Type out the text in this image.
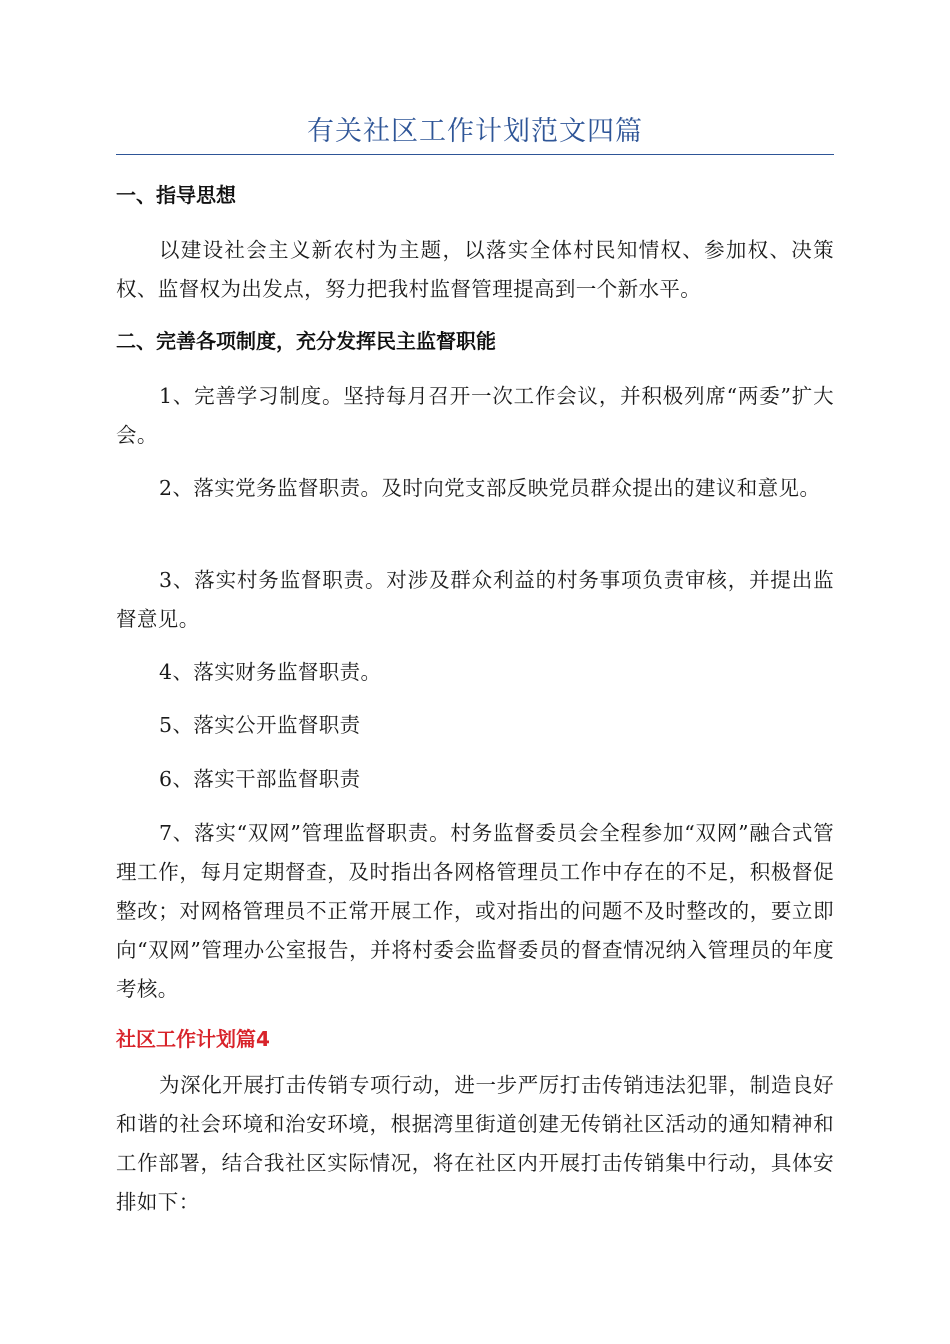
有关社区工作计划范文四篇
一、指导思想
以建设社会主义新农村为主题，以落实全体村民知情权、参加权、决策权、监督权为出发点，努力把我村监督管理提高到一个新水平。
二、完善各项制度，充分发挥民主监督职能
1、完善学习制度。坚持每月召开一次工作会议，并积极列席“两委”扩大会。
2、落实党务监督职责。及时向党支部反映党员群众提出的建议和意见。
3、落实村务监督职责。对涉及群众利益的村务事项负责审核，并提出监督意见。
4、落实财务监督职责。
5、落实公开监督职责
6、落实干部监督职责
7、落实“双网”管理监督职责。村务监督委员会全程参加“双网”融合式管理工作，每月定期督查，及时指出各网格管理员工作中存在的不足，积极督促整改；对网格管理员不正常开展工作，或对指出的问题不及时整改的，要立即向“双网”管理办公室报告，并将村委会监督委员的督查情况纳入管理员的年度考核。
社区工作计划篇4
为深化开展打击传销专项行动，进一步严厉打击传销违法犯罪，制造良好和谐的社会环境和治安环境，根据湾里街道创建无传销社区活动的通知精神和工作部署，结合我社区实际情况，将在社区内开展打击传销集中行动，具体安排如下：
